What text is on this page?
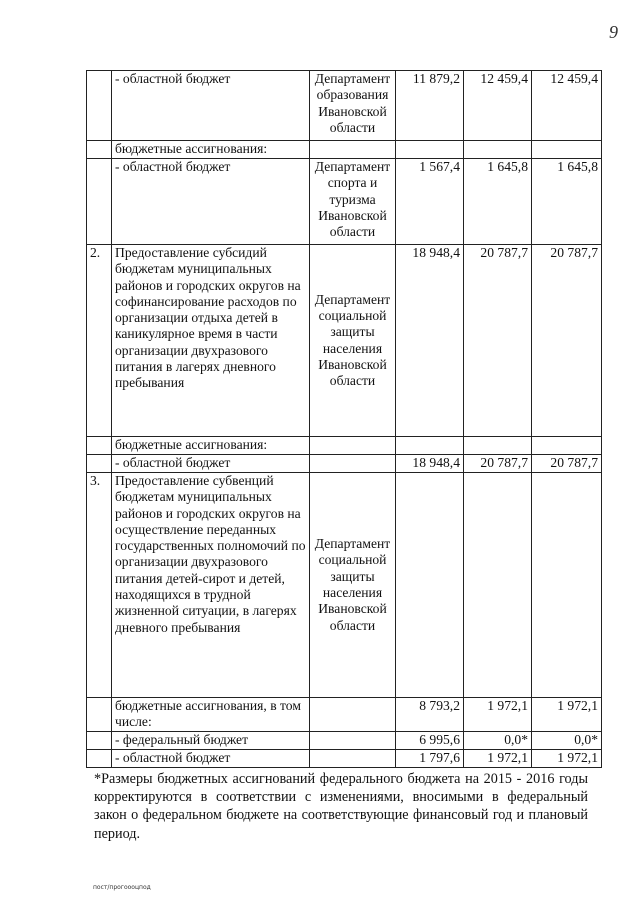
9
	- областной бюджет	Департамент образования Ивановской области	11 879,2	12 459,4	12 459,4
	бюджетные ассигнования:				
	- областной бюджет	Департамент спорта и туризма Ивановской области	1 567,4	1 645,8	1 645,8
2.	Предоставление субсидий бюджетам муниципальных районов и городских округов на софинансирование расходов по организации отдыха детей в каникулярное время в части организации двухразового питания в лагерях дневного пребывания	Департамент социальной защиты населения Ивановской области	18 948,4	20 787,7	20 787,7
	бюджетные ассигнования:				
	- областной бюджет		18 948,4	20 787,7	20 787,7
3.	Предоставление субвенций бюджетам муниципальных районов и городских округов на осуществление переданных государственных полномочий по организации двухразового питания детей-сирот и детей, находящихся в трудной жизненной ситуации, в лагерях дневного пребывания	Департамент социальной защиты населения Ивановской области			
	бюджетные ассигнования, в том числе:		8 793,2	1 972,1	1 972,1
	- федеральный бюджет		6 995,6	0,0*	0,0*
	- областной бюджет		1 797,6	1 972,1	1 972,1
*Размеры бюджетных ассигнований федерального бюджета на 2015 - 2016 годы корректируются в соответствии с изменениями, вносимыми в федеральный закон о федеральном бюджете на соответствующие финансовый год и плановый период.
пост/прогоооцпод
